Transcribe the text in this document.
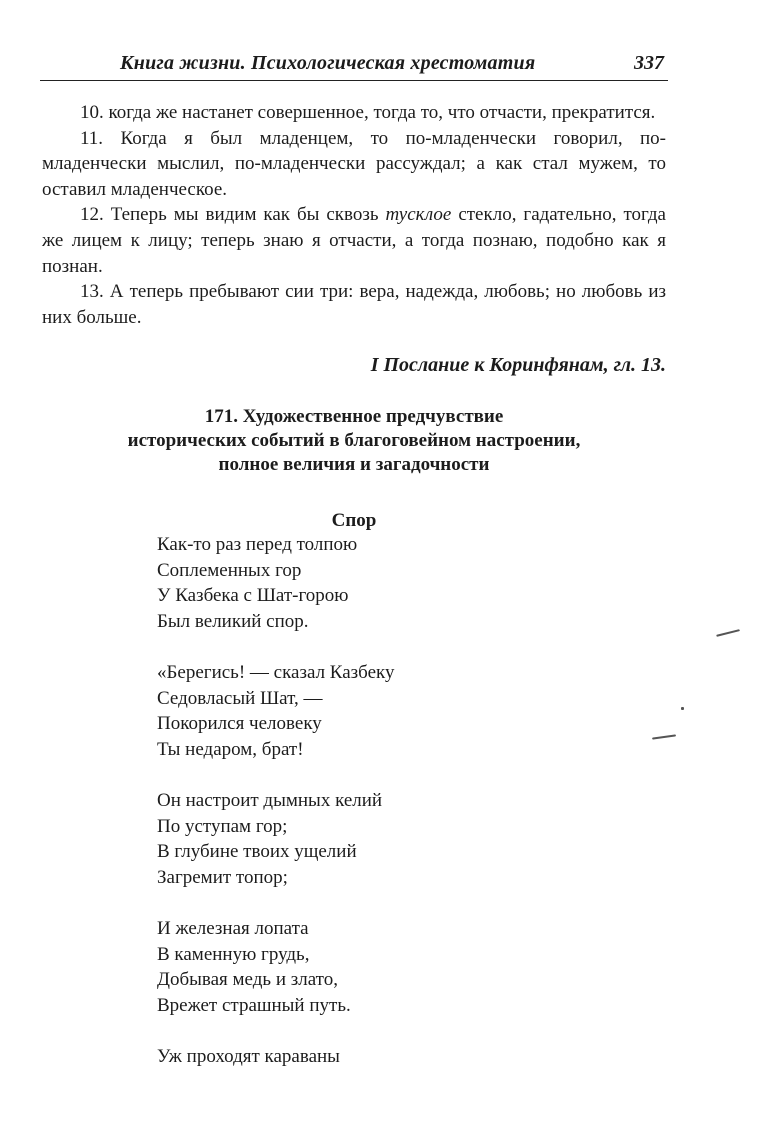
Книга жизни. Психологическая хрестоматия	337

10. когда же настанет совершенное, тогда то, что отчасти, прекратится.

11. Когда я был младенцем, то по-младенчески говорил, по-младенчески мыслил, по-младенчески рассуждал; а как стал мужем, то оставил младенческое.

12. Теперь мы видим как бы сквозь тусклое стекло, гадательно, тогда же лицем к лицу; теперь знаю я отчасти, а тогда познаю, подобно как я познан.

13. А теперь пребывают сии три: вера, надежда, любовь; но любовь из них больше.

I Послание к Коринфянам, гл. 13.
171. Художественное предчувствие
исторических событий в благоговейном настроении,
полное величия и загадочности
Спор
Как-то раз перед толпою
Соплеменных гор
У Казбека с Шат-горою
Был великий спор.
«Берегись! — сказал Казбеку
Седовласый Шат, —
Покорился человеку
Ты недаром, брат!
Он настроит дымных келий
По уступам гор;
В глубине твоих ущелий
Загремит топор;
И железная лопата
В каменную грудь,
Добывая медь и злато,
Врежет страшный путь.
Уж проходят караваны
